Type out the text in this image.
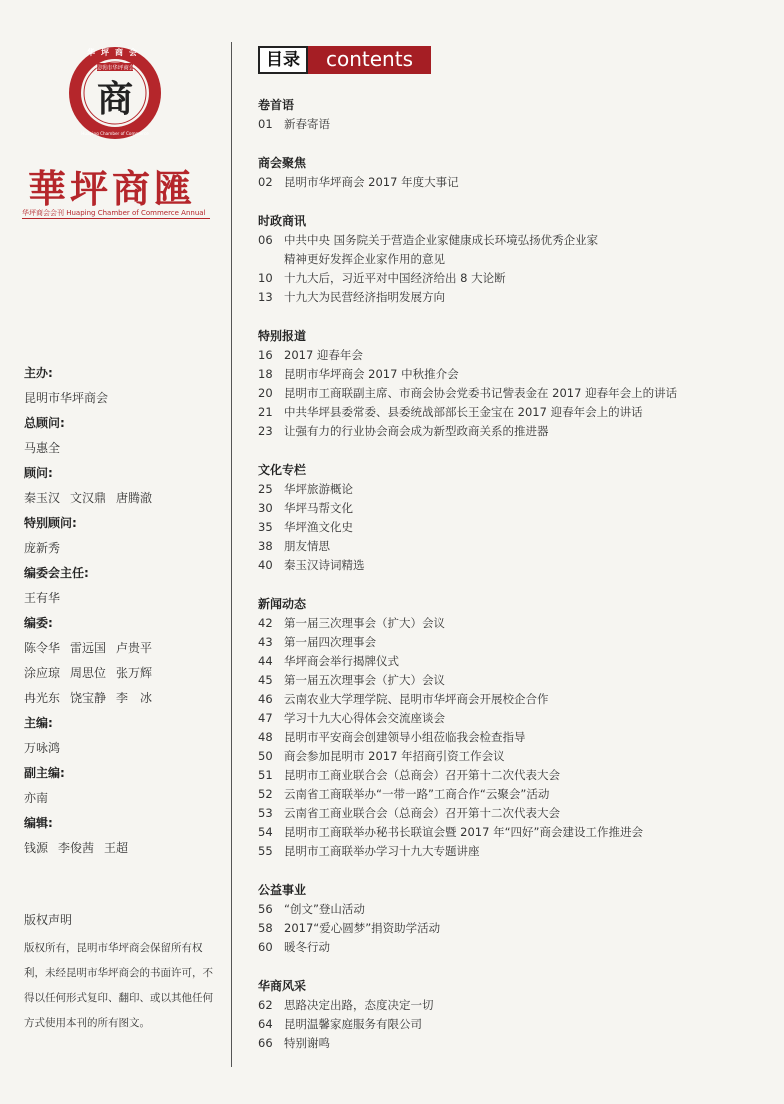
昆明市华坪商会
商
华坪商会
Huaping Chamber of Commerce
華坪商匯
华坪商会会刊 Huaping Chamber of Commerce Annual
主办:
昆明市华坪商会
总顾问:
马惠全
顾问:
秦玉汉 文汉鼎 唐腾澈
特别顾问:
庞新秀
编委会主任:
王有华
编委:
陈令华 雷远国 卢贵平
涂应琼 周思位 张万辉
冉光东 饶宝静 李　冰
主编:
万咏鸿
副主编:
亦南
编辑:
钱源 李俊茜 王超
版权声明
版权所有，昆明市华坪商会保留所有权利，未经昆明市华坪商会的书面许可，不得以任何形式复印、翻印、或以其他任何方式使用本刊的所有图文。
目录	contents
卷首语
01 新春寄语
商会聚焦
02 昆明市华坪商会 2017 年度大事记
时政商讯
06 中共中央 国务院关于营造企业家健康成长环境弘扬优秀企业家
精神更好发挥企业家作用的意见
10 十九大后，习近平对中国经济给出 8 大论断
13 十九大为民营经济指明发展方向
特别报道
16 2017 迎春年会
18 昆明市华坪商会 2017 中秋推介会
20 昆明市工商联副主席、市商会协会党委书记訾表金在 2017 迎春年会上的讲话
21 中共华坪县委常委、县委统战部部长王金宝在 2017 迎春年会上的讲话
23 让强有力的行业协会商会成为新型政商关系的推进器
文化专栏
25 华坪旅游概论
30 华坪马帮文化
35 华坪渔文化史
38 朋友情思
40 秦玉汉诗词精选
新闻动态
42 第一届三次理事会（扩大）会议
43 第一届四次理事会
44 华坪商会举行揭牌仪式
45 第一届五次理事会（扩大）会议
46 云南农业大学理学院、昆明市华坪商会开展校企合作
47 学习十九大心得体会交流座谈会
48 昆明市平安商会创建领导小组莅临我会检查指导
50 商会参加昆明市 2017 年招商引资工作会议
51 昆明市工商业联合会（总商会）召开第十二次代表大会
52 云南省工商联举办“一带一路”工商合作“云聚会”活动
53 云南省工商业联合会（总商会）召开第十二次代表大会
54 昆明市工商联举办秘书长联谊会暨 2017 年“四好”商会建设工作推进会
55 昆明市工商联举办学习十九大专题讲座
公益事业
56 “创文”登山活动
58 2017“爱心圆梦”捐资助学活动
60 暖冬行动
华商风采
62 思路决定出路，态度决定一切
64 昆明温馨家庭服务有限公司
66 特别谢鸣
